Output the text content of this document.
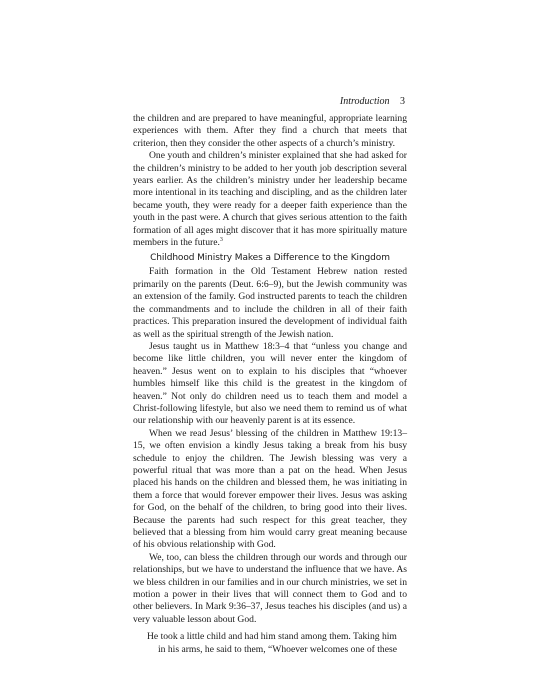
Introduction 3

the children and are prepared to have meaningful, appropriate learning experiences with them. After they find a church that meets that criterion, then they consider the other aspects of a church’s ministry.

One youth and children’s minister explained that she had asked for the children’s ministry to be added to her youth job description several years earlier. As the children’s ministry under her leadership became more intentional in its teaching and discipling, and as the children later became youth, they were ready for a deeper faith experience than the youth in the past were. A church that gives serious attention to the faith formation of all ages might discover that it has more spiritually mature members in the future.$^3$

Childhood Ministry Makes a Difference to the Kingdom

Faith formation in the Old Testament Hebrew nation rested primarily on the parents (Deut. 6:6–9), but the Jewish community was an extension of the family. God instructed parents to teach the children the commandments and to include the children in all of their faith practices. This preparation insured the development of individual faith as well as the spiritual strength of the Jewish nation.

Jesus taught us in Matthew 18:3–4 that “unless you change and become like little children, you will never enter the kingdom of heaven.” Jesus went on to explain to his disciples that “whoever humbles himself like this child is the greatest in the kingdom of heaven.” Not only do children need us to teach them and model a Christ-following lifestyle, but also we need them to remind us of what our relationship with our heavenly parent is at its essence.

When we read Jesus’ blessing of the children in Matthew 19:13–15, we often envision a kindly Jesus taking a break from his busy schedule to enjoy the children. The Jewish blessing was very a powerful ritual that was more than a pat on the head. When Jesus placed his hands on the children and blessed them, he was initiating in them a force that would forever empower their lives. Jesus was asking for God, on the behalf of the children, to bring good into their lives. Because the parents had such respect for this great teacher, they believed that a blessing from him would carry great meaning because of his obvious relationship with God.

We, too, can bless the children through our words and through our relationships, but we have to understand the influence that we have. As we bless children in our families and in our church ministries, we set in motion a power in their lives that will connect them to God and to other believers. In Mark 9:36–37, Jesus teaches his disciples (and us) a very valuable lesson about God.

He took a little child and had him stand among them. Taking him
in his arms, he said to them, “Whoever welcomes one of these
